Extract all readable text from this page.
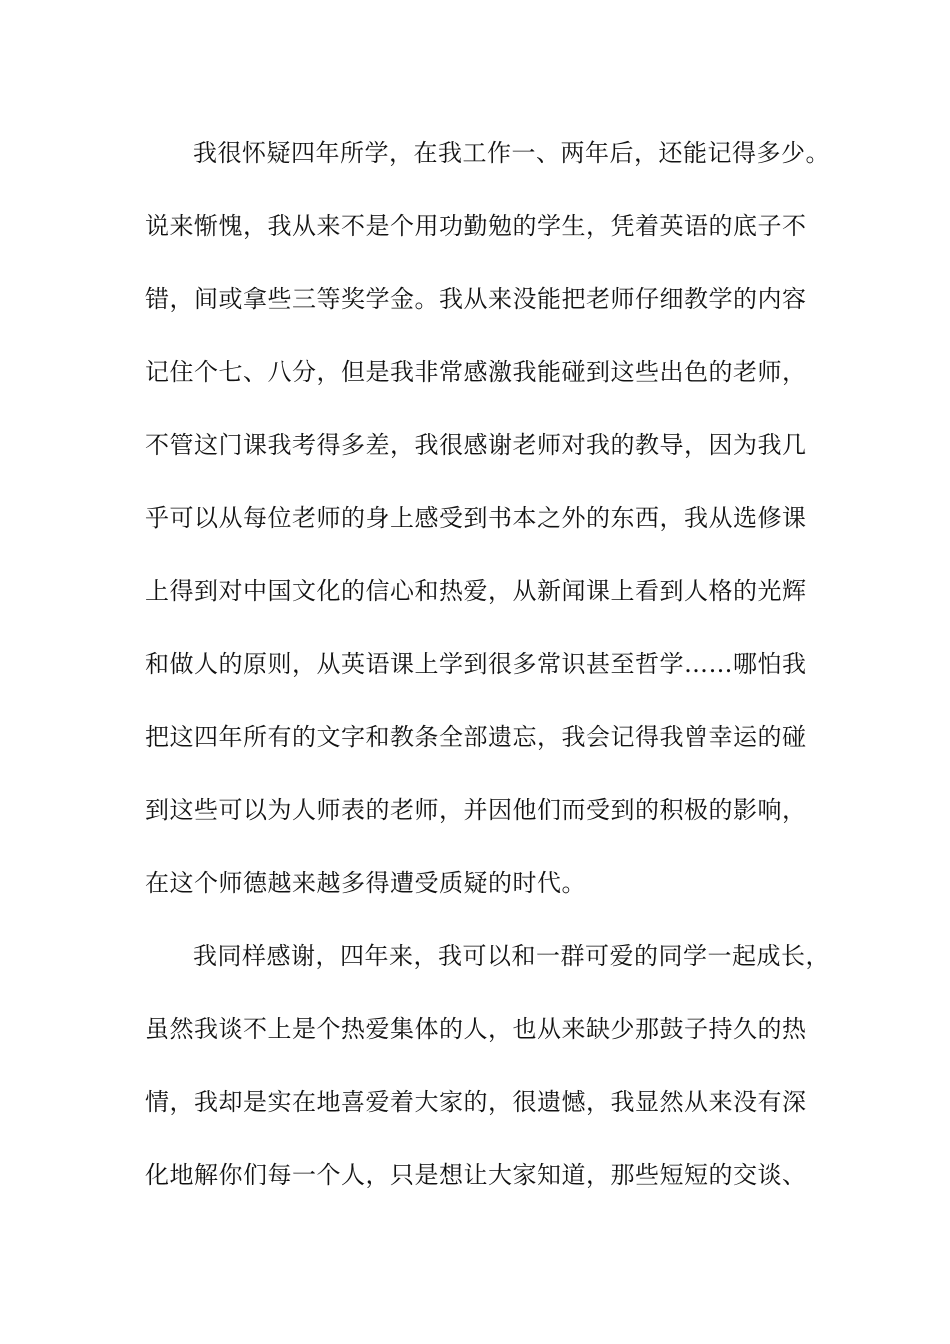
我很怀疑四年所学，在我工作一、两年后，还能记得多少。
说来惭愧，我从来不是个用功勤勉的学生，凭着英语的底子不
错，间或拿些三等奖学金。我从来没能把老师仔细教学的内容
记住个七、八分，但是我非常感激我能碰到这些出色的老师，
不管这门课我考得多差，我很感谢老师对我的教导，因为我几
乎可以从每位老师的身上感受到书本之外的东西，我从选修课
上得到对中国文化的信心和热爱，从新闻课上看到人格的光辉
和做人的原则，从英语课上学到很多常识甚至哲学……哪怕我
把这四年所有的文字和教条全部遗忘，我会记得我曾幸运的碰
到这些可以为人师表的老师，并因他们而受到的积极的影响，
在这个师德越来越多得遭受质疑的时代。
我同样感谢，四年来，我可以和一群可爱的同学一起成长，
虽然我谈不上是个热爱集体的人，也从来缺少那鼓子持久的热
情，我却是实在地喜爱着大家的，很遗憾，我显然从来没有深
化地解你们每一个人，只是想让大家知道，那些短短的交谈、
